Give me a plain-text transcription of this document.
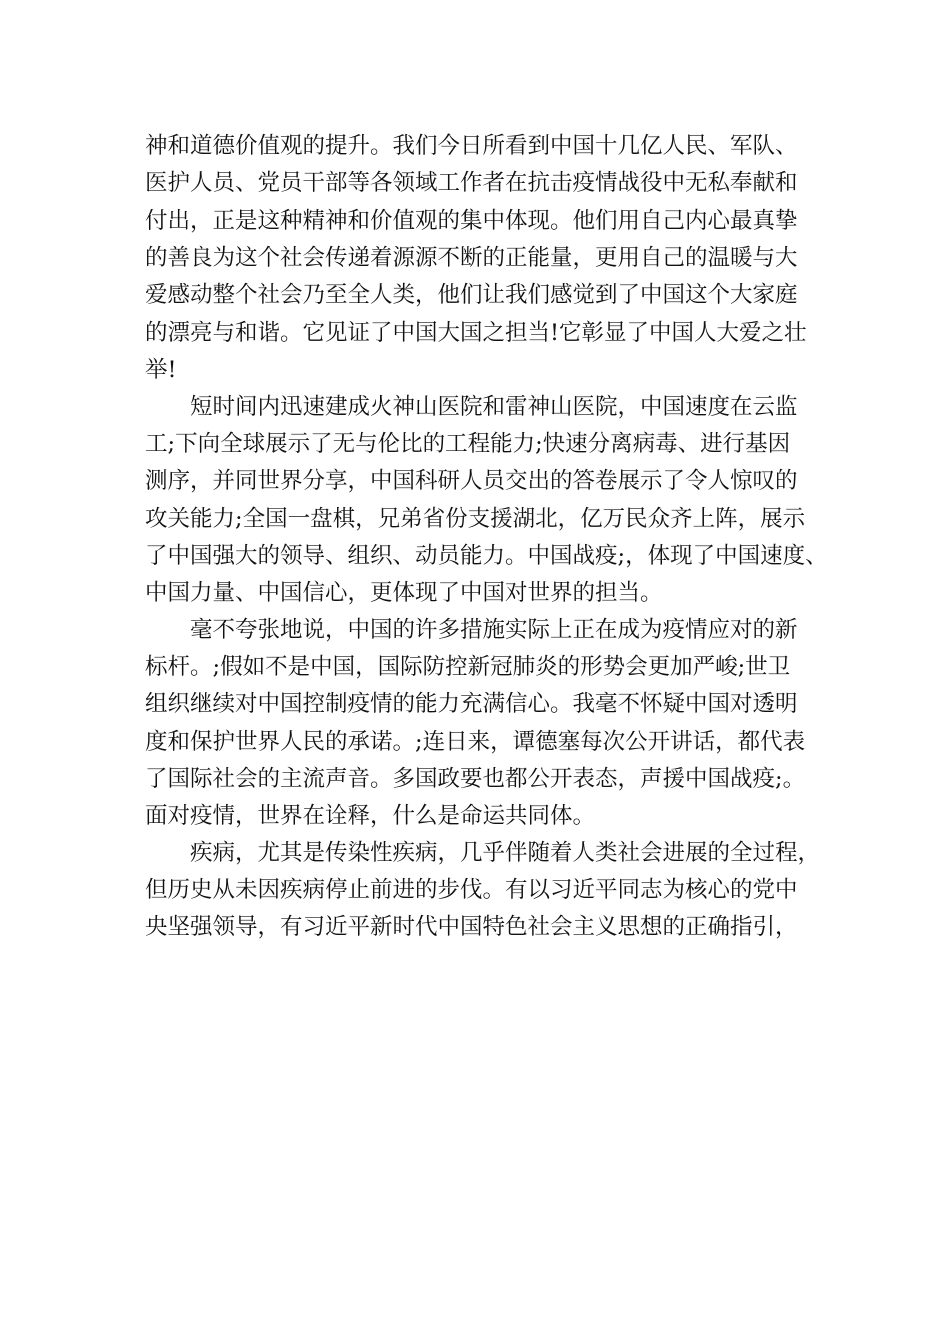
神和道德价值观的提升。我们今日所看到中国十几亿人民、军队、
医护人员、党员干部等各领域工作者在抗击疫情战役中无私奉献和
付出，正是这种精神和价值观的集中体现。他们用自己内心最真挚
的善良为这个社会传递着源源不断的正能量，更用自己的温暖与大
爱感动整个社会乃至全人类，他们让我们感觉到了中国这个大家庭
的漂亮与和谐。它见证了中国大国之担当!它彰显了中国人大爱之壮
举!
短时间内迅速建成火神山医院和雷神山医院，中国速度在云监
工;下向全球展示了无与伦比的工程能力;快速分离病毒、进行基因
测序，并同世界分享，中国科研人员交出的答卷展示了令人惊叹的
攻关能力;全国一盘棋，兄弟省份支援湖北，亿万民众齐上阵，展示
了中国强大的领导、组织、动员能力。中国战疫;，体现了中国速度、
中国力量、中国信心，更体现了中国对世界的担当。
毫不夸张地说，中国的许多措施实际上正在成为疫情应对的新
标杆。;假如不是中国，国际防控新冠肺炎的形势会更加严峻;世卫
组织继续对中国控制疫情的能力充满信心。我毫不怀疑中国对透明
度和保护世界人民的承诺。;连日来，谭德塞每次公开讲话，都代表
了国际社会的主流声音。多国政要也都公开表态，声援中国战疫;。
面对疫情，世界在诠释，什么是命运共同体。
疾病，尤其是传染性疾病，几乎伴随着人类社会进展的全过程，
但历史从未因疾病停止前进的步伐。有以习近平同志为核心的党中
央坚强领导，有习近平新时代中国特色社会主义思想的正确指引，
